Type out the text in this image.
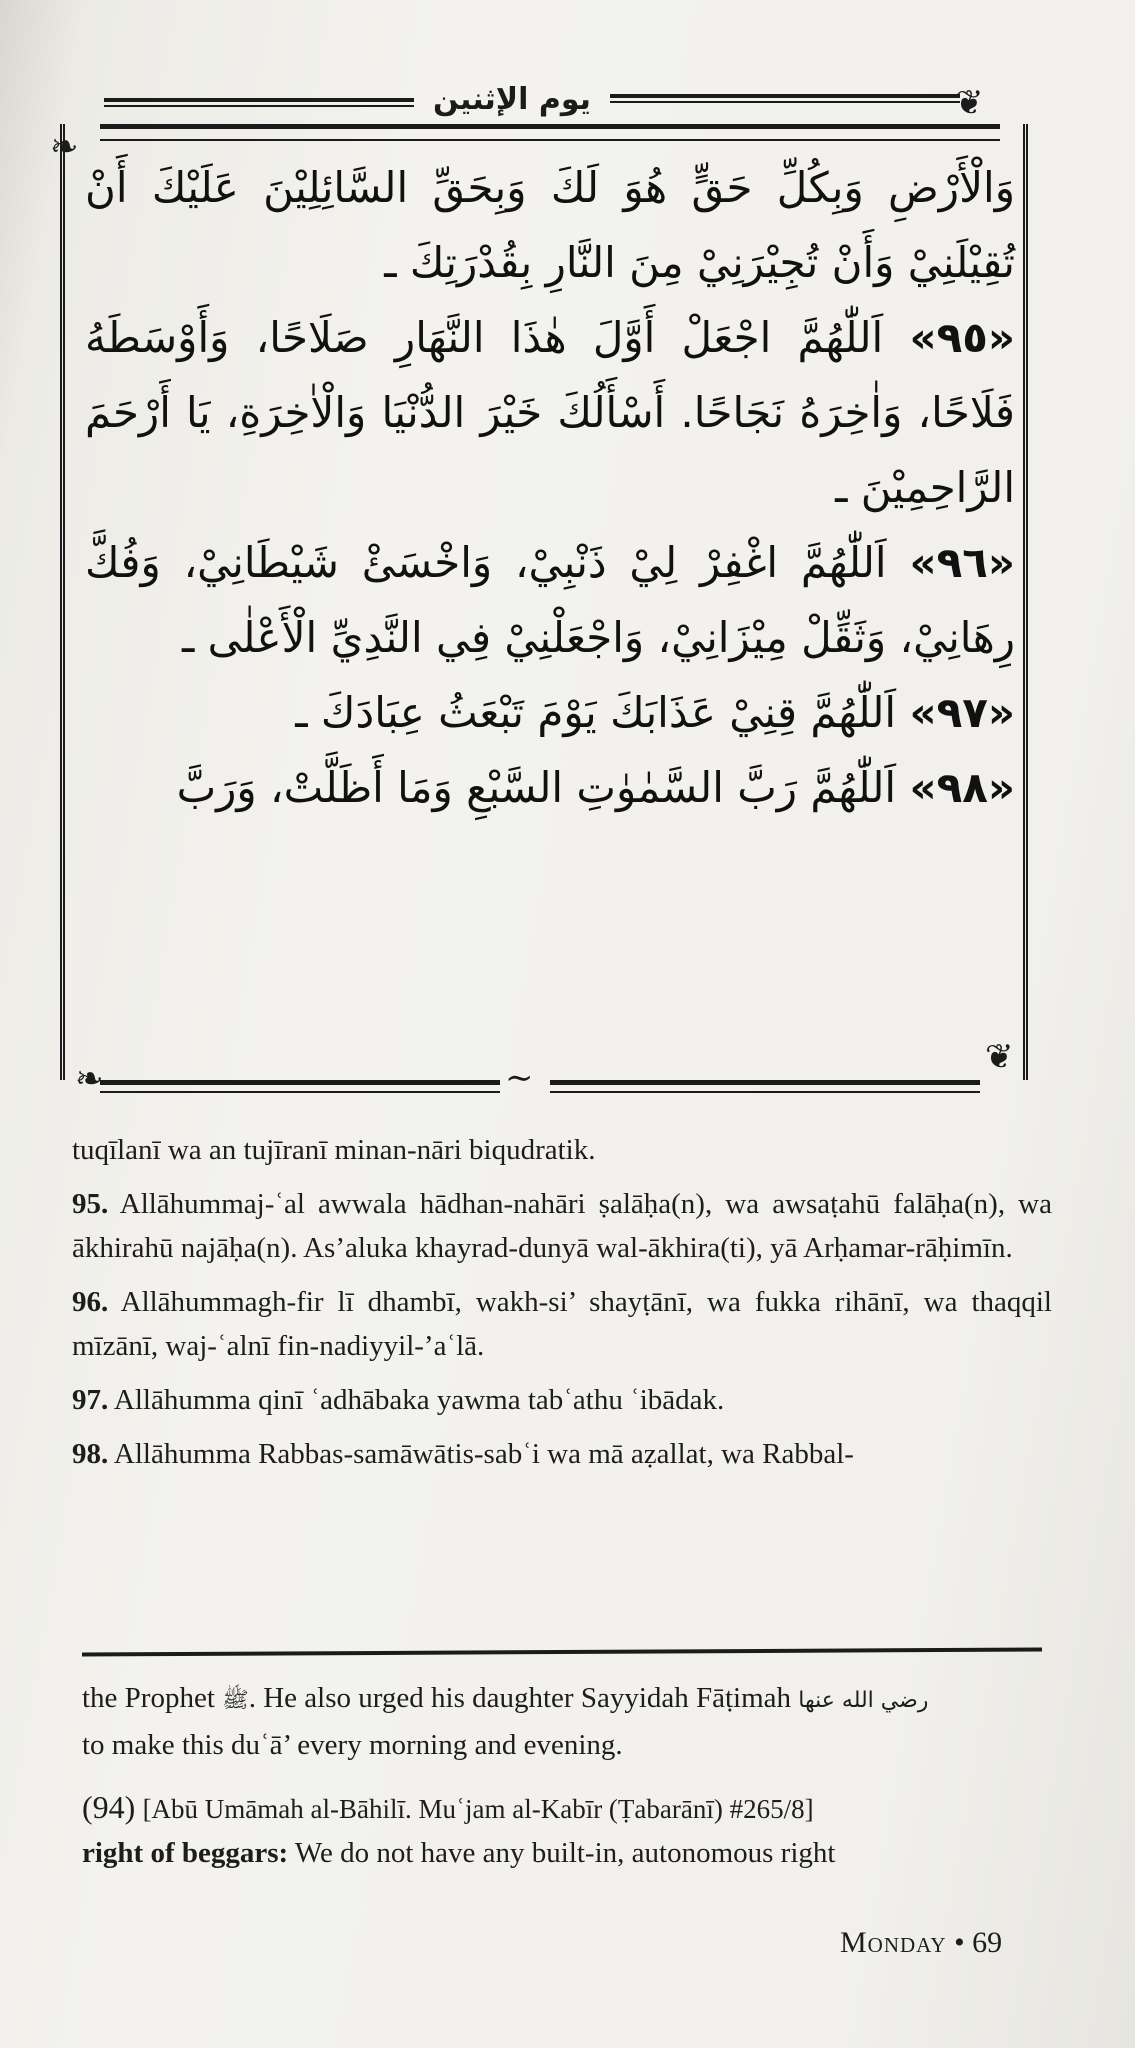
يوم الإثنين	❦
❧
❧
❦
∼

وَالْأَرْضِ وَبِكُلِّ حَقٍّ هُوَ لَكَ وَبِحَقِّ السَّائِلِيْنَ عَلَيْكَ أَنْ تُقِيْلَنِيْ وَأَنْ تُجِيْرَنِيْ مِنَ النَّارِ بِقُدْرَتِكَ ـ

«٩٥» اَللّٰهُمَّ اجْعَلْ أَوَّلَ هٰذَا النَّهَارِ صَلَاحًا، وَأَوْسَطَهُ فَلَاحًا، وَاٰخِرَهُ نَجَاحًا. أَسْأَلُكَ خَيْرَ الدُّنْيَا وَالْاٰخِرَةِ، يَا أَرْحَمَ الرَّاحِمِيْنَ ـ

«٩٦» اَللّٰهُمَّ اغْفِرْ لِيْ ذَنْبِيْ، وَاخْسَئْ شَيْطَانِيْ، وَفُكَّ رِهَانِيْ، وَثَقِّلْ مِيْزَانِيْ، وَاجْعَلْنِيْ فِي النَّدِيِّ الْأَعْلٰى ـ

«٩٧» اَللّٰهُمَّ قِنِيْ عَذَابَكَ يَوْمَ تَبْعَثُ عِبَادَكَ ـ

«٩٨» اَللّٰهُمَّ رَبَّ السَّمٰوٰتِ السَّبْعِ وَمَا أَظَلَّتْ، وَرَبَّ

tuqīlanī wa an tujīranī minan-nāri biqudratik.

95. Allāhummaj-ʿal awwala hādhan-nahāri ṣalāḥa(n), wa awsaṭahū falāḥa(n), wa ākhirahū najāḥa(n). As’aluka khayrad-dunyā wal-ākhira(ti), yā Arḥamar-rāḥimīn.

96. Allāhummagh-fir lī dhambī, wakh-si’ shayṭānī, wa fukka rihānī, wa thaqqil mīzānī, waj-ʿalnī fin-nadiyyil-’aʿlā.

97. Allāhumma qinī ʿadhābaka yawma tabʿathu ʿibādak.

98. Allāhumma Rabbas-samāwātis-sabʿi wa mā aẓallat, wa Rabbal-

the Prophet ﷺ. He also urged his daughter Sayyidah Fāṭimah رضي الله عنها

to make this duʿā’ every morning and evening.

(94) [Abū Umāmah al-Bāhilī. Muʿjam al-Kabīr (Ṭabarānī) #265/8]

right of beggars: We do not have any built-in, autonomous right

Monday • 69
